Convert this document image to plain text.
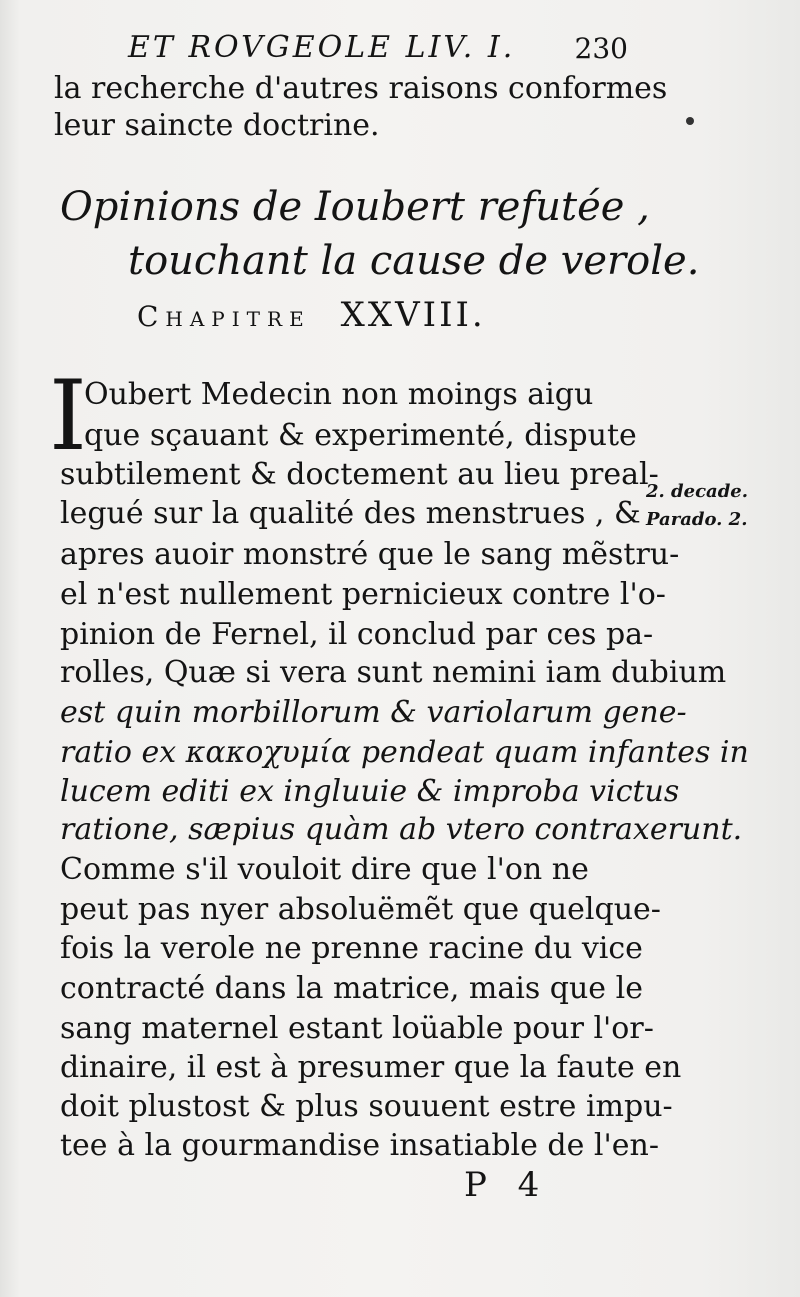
ET ROVGEOLE LIV. I. 230
la recherche d'autres raisons conformes
leur saincte doctrine.
Opinions de Ioubert refutée ,
touchant la cause de verole.
Chapitre XXVIII.
I
Oubert Medecin non moings aigu
que sçauant & experimenté, dispute
subtilement & doctement au lieu preal-
legué sur la qualité des menstrues , &
apres auoir monstré que le sang mẽstru-
el n'est nullement pernicieux contre l'o-
pinion de Fernel, il conclud par ces pa-
rolles, Quæ si vera sunt nemini iam dubium
est quin morbillorum & variolarum gene-
ratio ex κακοχυμία pendeat quam infantes in
lucem editi ex ingluuie & improba victus
ratione, sæpius quàm ab vtero contraxerunt.
Comme s'il vouloit dire que l'on ne
peut pas nyer absoluëmẽt que quelque-
fois la verole ne prenne racine du vice
contracté dans la matrice, mais que le
sang maternel estant loüable pour l'or-
dinaire, il est à presumer que la faute en
doit plustost & plus souuent estre impu-
tee à la gourmandise insatiable de l'en-
2. decade.
Parado. 2.
P 4
